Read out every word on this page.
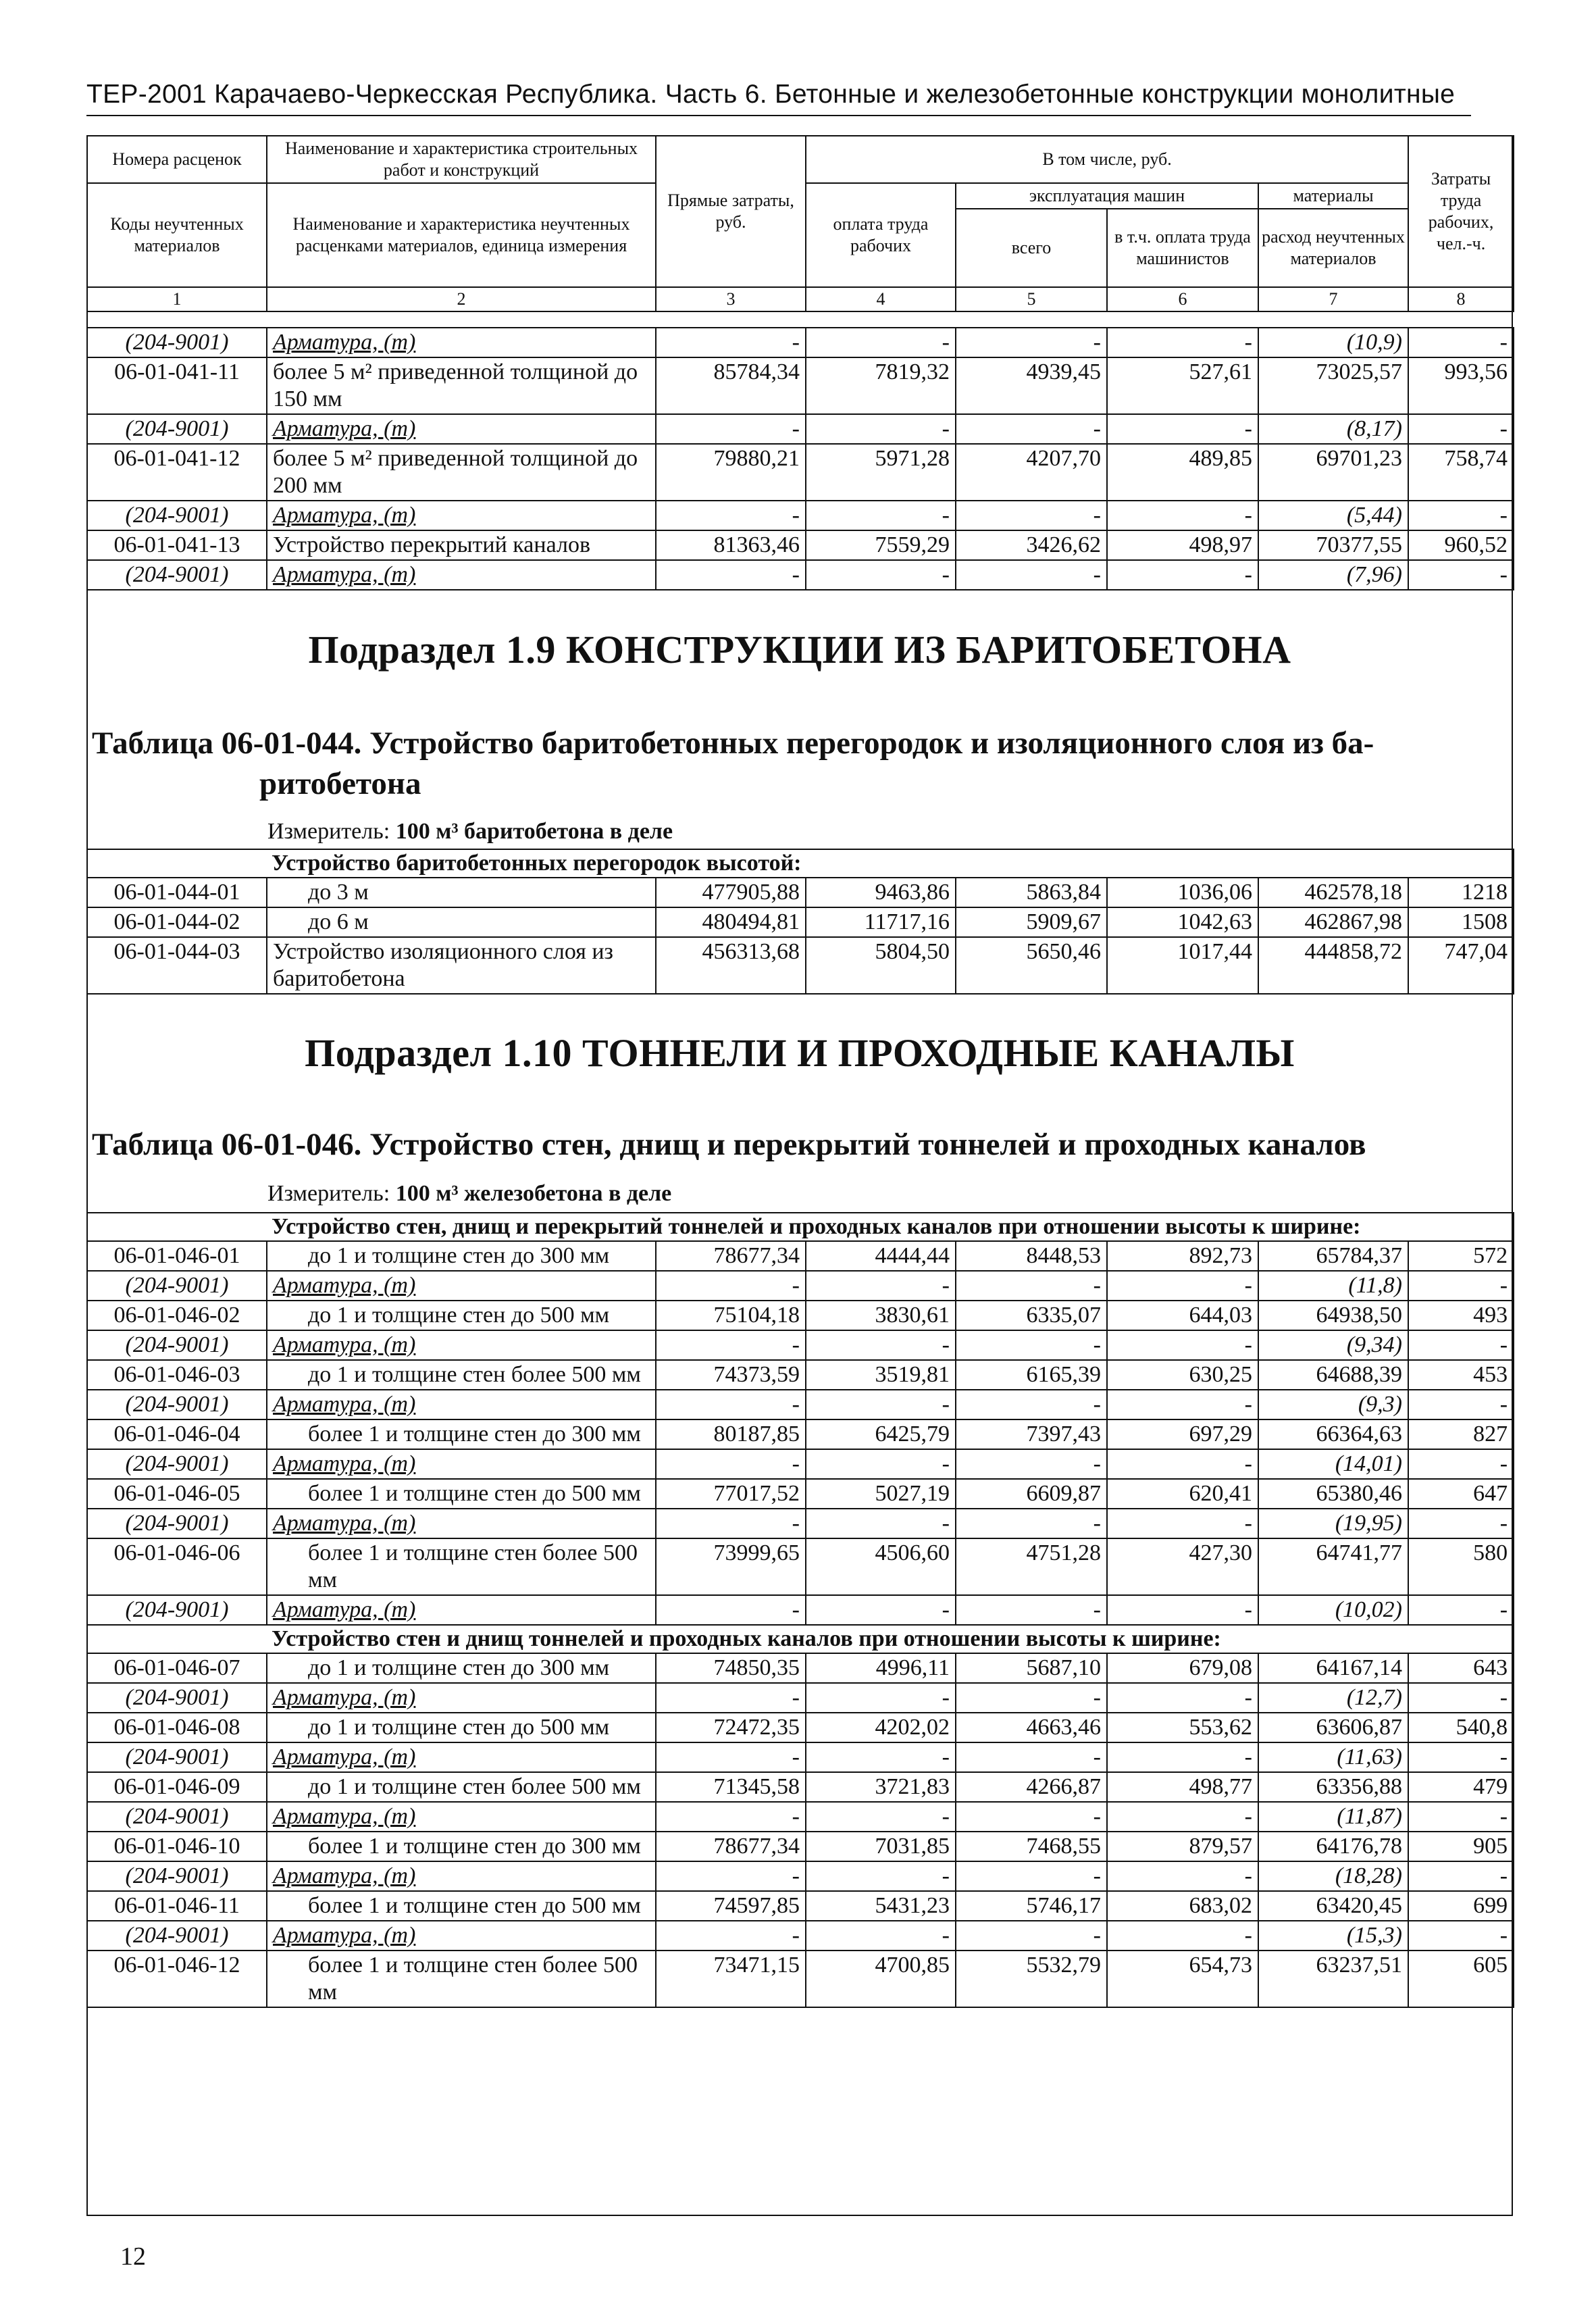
ТЕР-2001 Карачаево-Черкесская Республика. Часть 6. Бетонные и железобетонные конструкции монолитные
Номера расценок	Наименование и характеристика строительных работ и конструкций	Прямые затраты, руб.	В том числе, руб.				Затраты труда рабочих, чел.-ч.
Коды неучтенных материалов	Наименование и характеристика неучтенных расценками материалов, единица измерения		оплата труда рабочих	эксплуатация машин		материалы	
				всего	в т.ч. оплата труда машинистов	расход неучтенных материалов	
1	2	3	4	5	6	7	8
(204-9001)	Арматура, (т)	-	-	-	-	(10,9)	-
06-01-041-11	более 5 м² приведенной толщиной до 150 мм	85784,34	7819,32	4939,45	527,61	73025,57	993,56
(204-9001)	Арматура, (т)	-	-	-	-	(8,17)	-
06-01-041-12	более 5 м² приведенной толщиной до 200 мм	79880,21	5971,28	4207,70	489,85	69701,23	758,74
(204-9001)	Арматура, (т)	-	-	-	-	(5,44)	-
06-01-041-13	Устройство перекрытий каналов	81363,46	7559,29	3426,62	498,97	70377,55	960,52
(204-9001)	Арматура, (т)	-	-	-	-	(7,96)	-
Подраздел 1.9 КОНСТРУКЦИИ ИЗ БАРИТОБЕТОНА
Таблица 06-01-044. Устройство баритобетонных перегородок и изоляционного слоя из ба-
ритобетона
Измеритель: 100 м³ баритобетона в деле
Устройство баритобетонных перегородок высотой:							
06-01-044-01	до 3 м	477905,88	9463,86	5863,84	1036,06	462578,18	1218
06-01-044-02	до 6 м	480494,81	11717,16	5909,67	1042,63	462867,98	1508
06-01-044-03	Устройство изоляционного слоя из баритобетона	456313,68	5804,50	5650,46	1017,44	444858,72	747,04
Подраздел 1.10 ТОННЕЛИ И ПРОХОДНЫЕ КАНАЛЫ
Таблица 06-01-046. Устройство стен, днищ и перекрытий тоннелей и проходных каналов
Измеритель: 100 м³ железобетона в деле
Устройство стен, днищ и перекрытий тоннелей и проходных каналов при отношении высоты к ширине:							
06-01-046-01	до 1 и толщине стен до 300 мм	78677,34	4444,44	8448,53	892,73	65784,37	572
(204-9001)	Арматура, (т)	-	-	-	-	(11,8)	-
06-01-046-02	до 1 и толщине стен до 500 мм	75104,18	3830,61	6335,07	644,03	64938,50	493
(204-9001)	Арматура, (т)	-	-	-	-	(9,34)	-
06-01-046-03	до 1 и толщине стен более 500 мм	74373,59	3519,81	6165,39	630,25	64688,39	453
(204-9001)	Арматура, (т)	-	-	-	-	(9,3)	-
06-01-046-04	более 1 и толщине стен до 300 мм	80187,85	6425,79	7397,43	697,29	66364,63	827
(204-9001)	Арматура, (т)	-	-	-	-	(14,01)	-
06-01-046-05	более 1 и толщине стен до 500 мм	77017,52	5027,19	6609,87	620,41	65380,46	647
(204-9001)	Арматура, (т)	-	-	-	-	(19,95)	-
06-01-046-06	более 1 и толщине стен более 500 мм	73999,65	4506,60	4751,28	427,30	64741,77	580
(204-9001)	Арматура, (т)	-	-	-	-	(10,02)	-
Устройство стен и днищ тоннелей и проходных каналов при отношении высоты к ширине:							
06-01-046-07	до 1 и толщине стен до 300 мм	74850,35	4996,11	5687,10	679,08	64167,14	643
(204-9001)	Арматура, (т)	-	-	-	-	(12,7)	-
06-01-046-08	до 1 и толщине стен до 500 мм	72472,35	4202,02	4663,46	553,62	63606,87	540,8
(204-9001)	Арматура, (т)	-	-	-	-	(11,63)	-
06-01-046-09	до 1 и толщине стен более 500 мм	71345,58	3721,83	4266,87	498,77	63356,88	479
(204-9001)	Арматура, (т)	-	-	-	-	(11,87)	-
06-01-046-10	более 1 и толщине стен до 300 мм	78677,34	7031,85	7468,55	879,57	64176,78	905
(204-9001)	Арматура, (т)	-	-	-	-	(18,28)	-
06-01-046-11	более 1 и толщине стен до 500 мм	74597,85	5431,23	5746,17	683,02	63420,45	699
(204-9001)	Арматура, (т)	-	-	-	-	(15,3)	-
06-01-046-12	более 1 и толщине стен более 500 мм	73471,15	4700,85	5532,79	654,73	63237,51	605
12
